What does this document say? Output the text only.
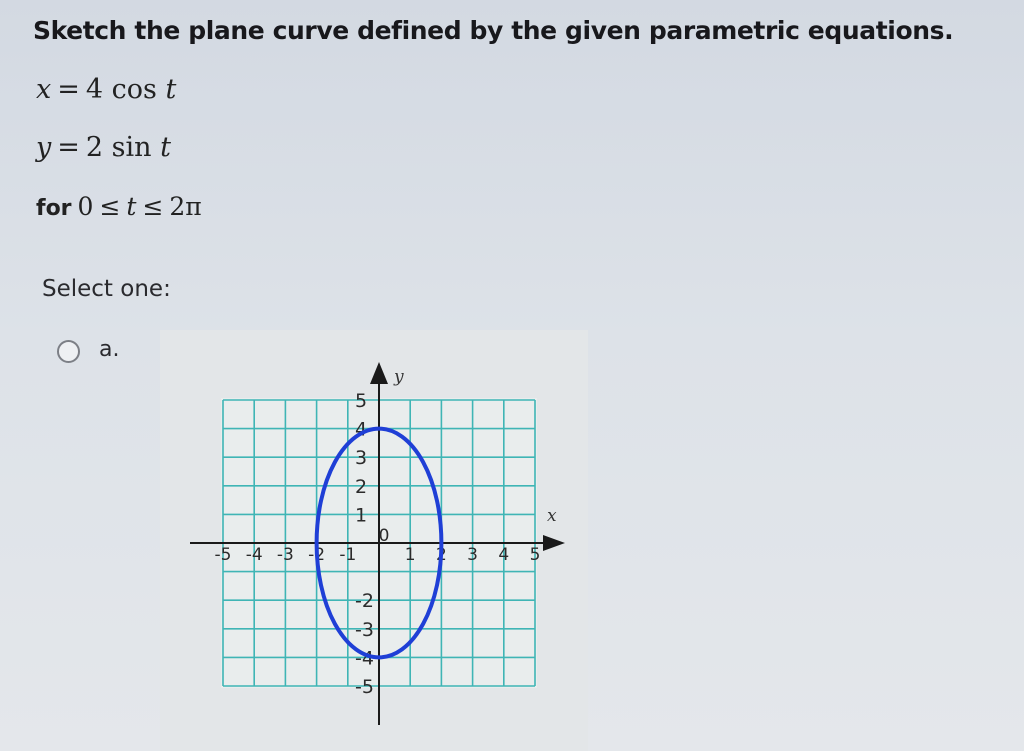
Sketch the plane curve defined by the given parametric equations.
x = 4 cos t
y = 2 sin t
for 0 ≤ t ≤ 2π
Select one:
a.
x
y
-5 -4 -3 -2 -1
0
1 2 3 4 5
5
4
3
2
1
-2
-3
-4
-5
